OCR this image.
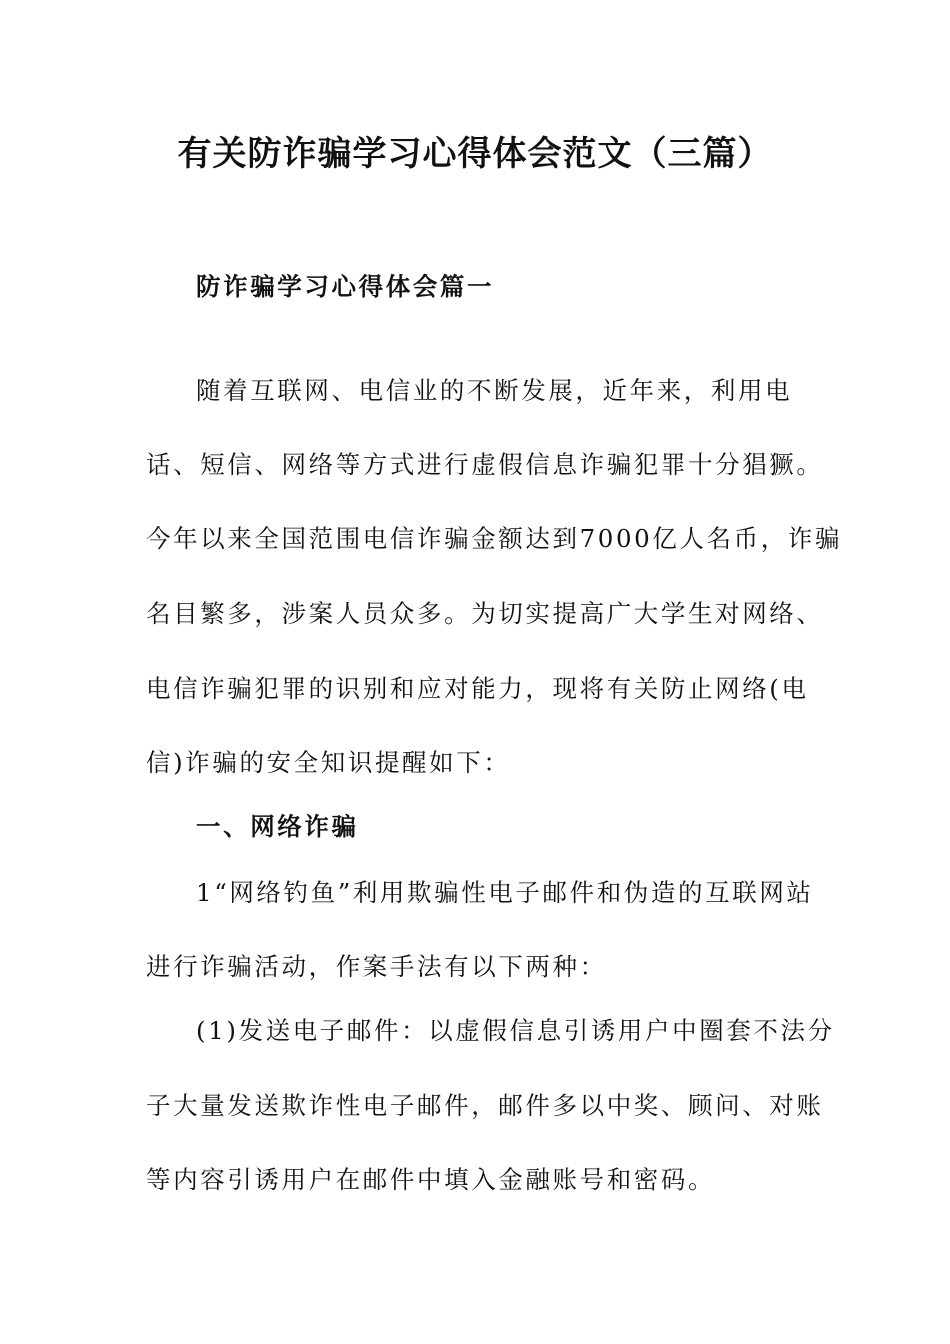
有关防诈骗学习心得体会范文（三篇）

防诈骗学习心得体会篇一

随着互联网、电信业的不断发展，近年来，利用电

话、短信、网络等方式进行虚假信息诈骗犯罪十分猖獗。

今年以来全国范围电信诈骗金额达到7000亿人名币，诈骗

名目繁多，涉案人员众多。为切实提高广大学生对网络、

电信诈骗犯罪的识别和应对能力，现将有关防止网络(电

信)诈骗的安全知识提醒如下：

一、网络诈骗

1“网络钓鱼”利用欺骗性电子邮件和伪造的互联网站

进行诈骗活动，作案手法有以下两种：

(1)发送电子邮件：以虚假信息引诱用户中圈套不法分

子大量发送欺诈性电子邮件，邮件多以中奖、顾问、对账

等内容引诱用户在邮件中填入金融账号和密码。
